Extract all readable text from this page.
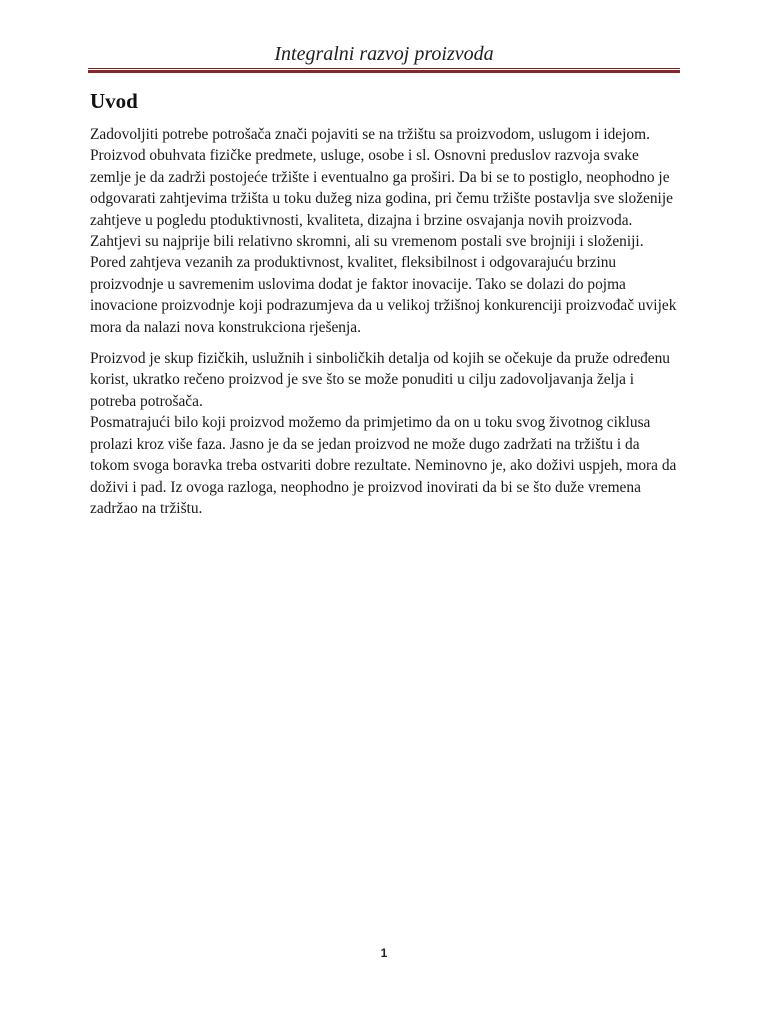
Integralni razvoj proizvoda
Uvod

Zadovoljiti potrebe potrošača znači pojaviti se na tržištu sa proizvodom, uslugom i idejom. Proizvod obuhvata fizičke predmete, usluge, osobe i sl. Osnovni preduslov razvoja svake zemlje je da zadrži postojeće tržište i eventualno ga proširi. Da bi se to postiglo, neophodno je odgovarati zahtjevima tržišta u toku dužeg niza godina, pri čemu tržište postavlja sve složenije zahtjeve u pogledu ptoduktivnosti, kvaliteta, dizajna i brzine osvajanja novih proizvoda. Zahtjevi su najprije bili relativno skromni, ali su vremenom postali sve brojniji i složeniji. Pored zahtjeva vezanih za produktivnost, kvalitet, fleksibilnost i odgovarajuću brzinu proizvodnje u savremenim uslovima dodat je faktor inovacije. Tako se dolazi do pojma inovacione proizvodnje koji podrazumjeva da u velikoj tržišnoj konkurenciji proizvođač uvijek mora da nalazi nova konstrukciona rješenja.

Proizvod je skup fizičkih, uslužnih i sinboličkih detalja od kojih se očekuje da pruže određenu korist, ukratko rečeno proizvod je sve što se može ponuditi u cilju zadovoljavanja želja i potreba potrošača.

Posmatrajući bilo koji proizvod možemo da primjetimo da on u toku svog životnog ciklusa prolazi kroz više faza. Jasno je da se jedan proizvod ne može dugo zadržati na tržištu i da tokom svoga boravka treba ostvariti dobre rezultate. Neminovno je, ako doživi uspjeh, mora da doživi i pad. Iz ovoga razloga, neophodno je proizvod inovirati da bi se što duže vremena zadržao na tržištu.

1
